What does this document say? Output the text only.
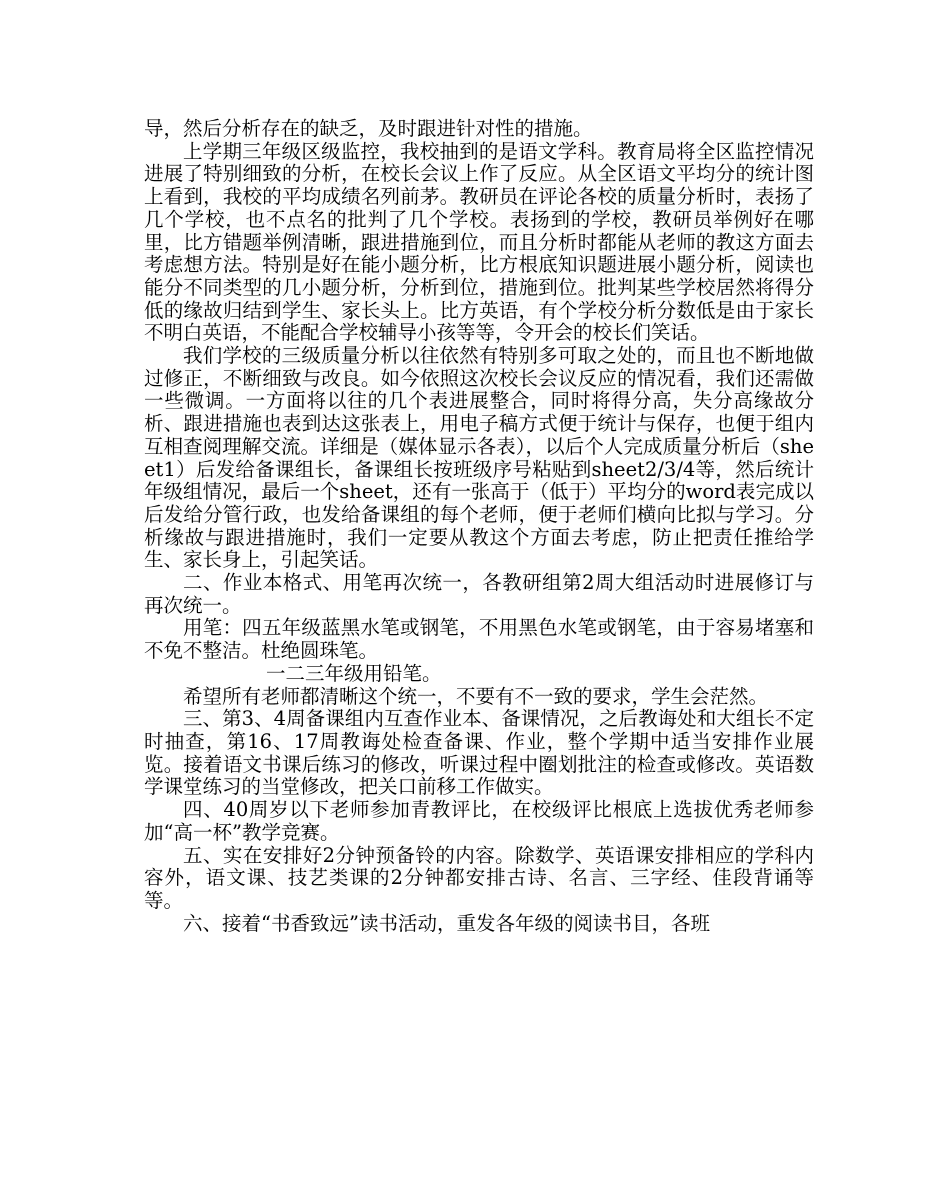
导，然后分析存在的缺乏，及时跟进针对性的措施。

上学期三年级区级监控，我校抽到的是语文学科。教育局将全区监控情况进展了特别细致的分析，在校长会议上作了反应。从全区语文平均分的统计图上看到，我校的平均成绩名列前茅。教研员在评论各校的质量分析时，表扬了几个学校，也不点名的批判了几个学校。表扬到的学校，教研员举例好在哪里，比方错题举例清晰，跟进措施到位，而且分析时都能从老师的教这方面去考虑想方法。特别是好在能小题分析，比方根底知识题进展小题分析，阅读也能分不同类型的几小题分析，分析到位，措施到位。批判某些学校居然将得分低的缘故归结到学生、家长头上。比方英语，有个学校分析分数低是由于家长不明白英语，不能配合学校辅导小孩等等，令开会的校长们笑话。

我们学校的三级质量分析以往依然有特别多可取之处的，而且也不断地做过修正，不断细致与改良。如今依照这次校长会议反应的情况看，我们还需做一些微调。一方面将以往的几个表进展整合，同时将得分高，失分高缘故分析、跟进措施也表到达这张表上，用电子稿方式便于统计与保存，也便于组内互相查阅理解交流。详细是（媒体显示各表），以后个人完成质量分析后（sheet1）后发给备课组长，备课组长按班级序号粘贴到sheet2/3/4等，然后统计年级组情况，最后一个sheet，还有一张高于（低于）平均分的word表完成以后发给分管行政，也发给备课组的每个老师，便于老师们横向比拟与学习。分析缘故与跟进措施时，我们一定要从教这个方面去考虑，防止把责任推给学生、家长身上，引起笑话。

二、作业本格式、用笔再次统一，各教研组第2周大组活动时进展修订与再次统一。

用笔：四五年级蓝黑水笔或钢笔，不用黑色水笔或钢笔，由于容易堵塞和不免不整洁。杜绝圆珠笔。

一二三年级用铅笔。

希望所有老师都清晰这个统一，不要有不一致的要求，学生会茫然。

三、第3、4周备课组内互查作业本、备课情况，之后教诲处和大组长不定时抽查，第16、17周教诲处检查备课、作业，整个学期中适当安排作业展览。接着语文书课后练习的修改，听课过程中圈划批注的检查或修改。英语数学课堂练习的当堂修改，把关口前移工作做实。

四、40周岁以下老师参加青教评比，在校级评比根底上选拔优秀老师参加“高一杯”教学竞赛。

五、实在安排好2分钟预备铃的内容。除数学、英语课安排相应的学科内容外，语文课、技艺类课的2分钟都安排古诗、名言、三字经、佳段背诵等等。

六、接着“书香致远”读书活动，重发各年级的阅读书目，各班
